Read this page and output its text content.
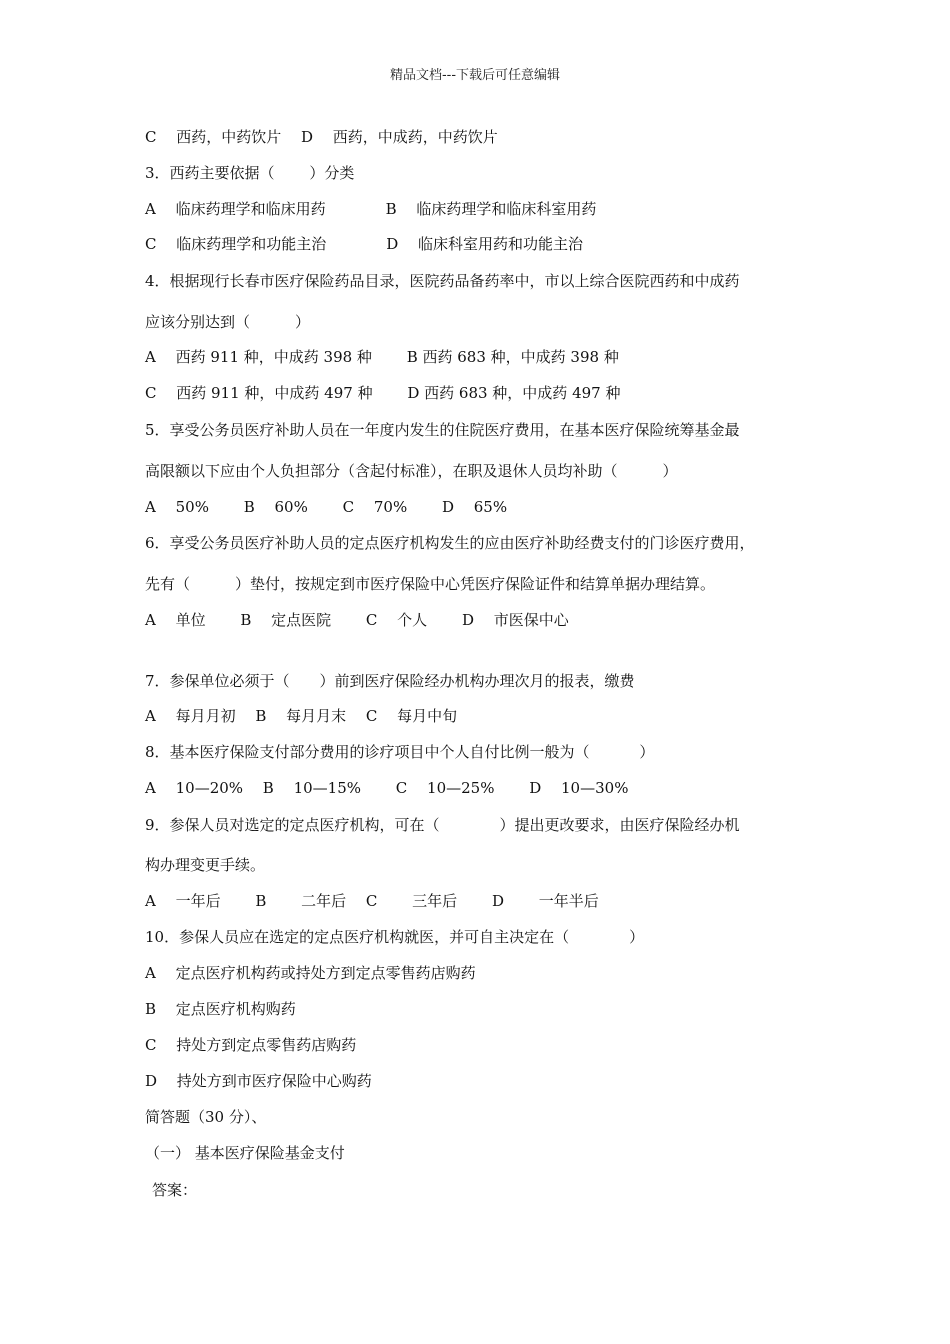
精品文档---下载后可任意编辑
C　 西药，中药饮片　 D　 西药，中成药，中药饮片
3．西药主要依据（　　 ）分类
A　 临床药理学和临床用药　　　　B　 临床药理学和临床科室用药
C　 临床药理学和功能主治　　　　D　 临床科室用药和功能主治
4．根据现行长春市医疗保险药品目录，医院药品备药率中，市以上综合医院西药和中成药
应该分别达到（　　　）
A　 西药 911 种，中成药 398 种　　 B 西药 683 种，中成药 398 种
C　 西药 911 种，中成药 497 种　　 D 西药 683 种，中成药 497 种
5．享受公务员医疗补助人员在一年度内发生的住院医疗费用，在基本医疗保险统筹基金最
高限额以下应由个人负担部分（含起付标准），在职及退休人员均补助（　　　）
A　 50%　　 B　 60%　　 C　 70%　　 D　 65%
6．享受公务员医疗补助人员的定点医疗机构发生的应由医疗补助经费支付的门诊医疗费用，
先有（　　　）垫付，按规定到市医疗保险中心凭医疗保险证件和结算单据办理结算。
A　 单位　　 B　 定点医院　　 C　 个人　　 D　 市医保中心
7．参保单位必须于（　　）前到医疗保险经办机构办理次月的报表，缴费
A　 每月月初　 B　 每月月末　 C　 每月中旬
8．基本医疗保险支付部分费用的诊疗项目中个人自付比例一般为（　　　 ）
A　 10—20%　 B　 10—15%　　 C　 10—25%　　 D　 10—30%
9．参保人员对选定的定点医疗机构，可在（　　　　）提出更改要求，由医疗保险经办机
构办理变更手续。
A　 一年后　　 B　　 二年后　 C　　 三年后　　 D　　 一年半后
10．参保人员应在选定的定点医疗机构就医，并可自主决定在（　　　　）
A　 定点医疗机构药或持处方到定点零售药店购药
B　 定点医疗机构购药
C　 持处方到定点零售药店购药
D　 持处方到市医疗保险中心购药
简答题（30 分）、
（一） 基本医疗保险基金支付
答案：
